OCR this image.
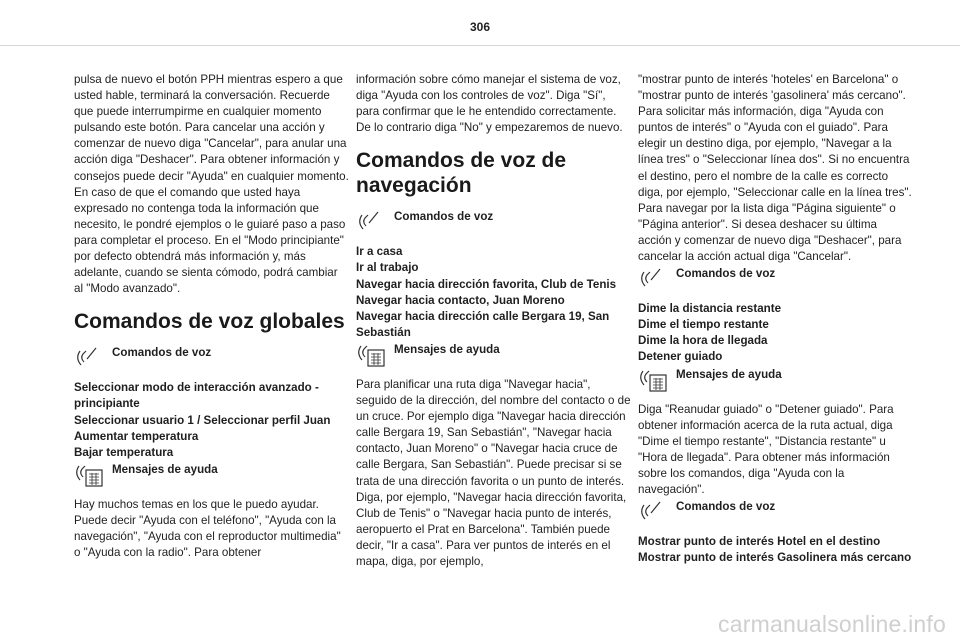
306

pulsa de nuevo el botón PPH mientras espero a que usted hable, terminará la conversación. Recuerde que puede interrumpirme en cualquier momento pulsando este botón. Para cancelar una acción y comenzar de nuevo diga "Cancelar", para anular una acción diga "Deshacer". Para obtener información y consejos puede decir "Ayuda" en cualquier momento. En caso de que el comando que usted haya expresado no contenga toda la información que necesito, le pondré ejemplos o le guiaré paso a paso para completar el proceso. En el "Modo principiante" por defecto obtendrá más información y, más adelante, cuando se sienta cómodo, podrá cambiar al "Modo avanzado".

Comandos de voz globales
Comandos de voz

Seleccionar modo de interacción avanzado - principiante

Seleccionar usuario 1 / Seleccionar perfil Juan

Aumentar temperatura

Bajar temperatura

Mensajes de ayuda

Hay muchos temas en los que le puedo ayudar. Puede decir "Ayuda con el teléfono", "Ayuda con la navegación", "Ayuda con el reproductor multimedia" o "Ayuda con la radio". Para obtener

información sobre cómo manejar el sistema de voz, diga "Ayuda con los controles de voz". Diga "Sí", para confirmar que le he entendido correctamente. De lo contrario diga "No" y empezaremos de nuevo.

Comandos de voz de navegación
Comandos de voz

Ir a casa

Ir al trabajo

Navegar hacia dirección favorita, Club de Tenis

Navegar hacia contacto, Juan Moreno

Navegar hacia dirección calle Bergara 19, San Sebastián

Mensajes de ayuda

Para planificar una ruta diga "Navegar hacia", seguido de la dirección, del nombre del contacto o de un cruce. Por ejemplo diga "Navegar hacia dirección calle Bergara 19, San Sebastián", "Navegar hacia contacto, Juan Moreno" o "Navegar hacia cruce de calle Bergara, San Sebastián". Puede precisar si se trata de una dirección favorita o un punto de interés. Diga, por ejemplo, "Navegar hacia dirección favorita, Club de Tenis" o "Navegar hacia punto de interés, aeropuerto el Prat en Barcelona". También puede decir, "Ir a casa". Para ver puntos de interés en el mapa, diga, por ejemplo,

"mostrar punto de interés 'hoteles' en Barcelona" o "mostrar punto de interés 'gasolinera' más cercano". Para solicitar más información, diga "Ayuda con puntos de interés" o "Ayuda con el guiado". Para elegir un destino diga, por ejemplo, "Navegar a la línea tres" o "Seleccionar línea dos". Si no encuentra el destino, pero el nombre de la calle es correcto diga, por ejemplo, "Seleccionar calle en la línea tres". Para navegar por la lista diga "Página siguiente" o "Página anterior". Si desea deshacer su última acción y comenzar de nuevo diga "Deshacer", para cancelar la acción actual diga "Cancelar".

Comandos de voz

Dime la distancia restante

Dime el tiempo restante

Dime la hora de llegada

Detener guiado

Mensajes de ayuda

Diga "Reanudar guiado" o "Detener guiado". Para obtener información acerca de la ruta actual, diga "Dime el tiempo restante", "Distancia restante" u "Hora de llegada". Para obtener más información sobre los comandos, diga "Ayuda con la navegación".

Comandos de voz

Mostrar punto de interés Hotel en el destino

Mostrar punto de interés Gasolinera más cercano

carmanualsonline.info
